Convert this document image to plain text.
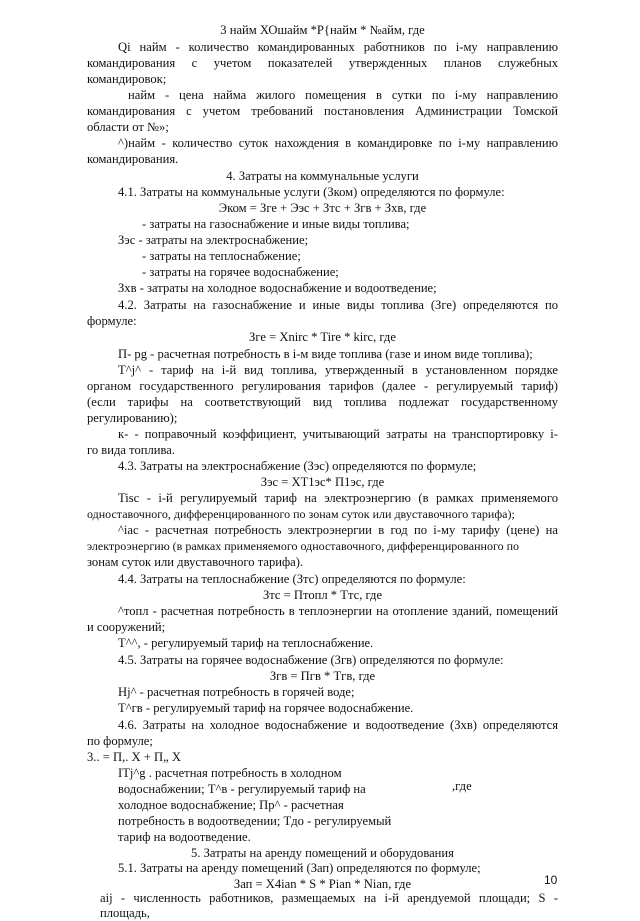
3 найм ХОшайм *Р{найм * №айм, где
Qi найм - количество командированных работников по i-му направлению
командирования с учетом показателей утвержденных планов служебных
командировок;
найм - цена найма жилого помещения в сутки по i-му направлению
командирования с учетом требований постановления Администрации Томской
области от №»;
^)найм - количество суток нахождения в командировке по i-му направлению
командирования.
4. Затраты на коммунальные услуги
4.1. Затраты на коммунальные услуги (Зком) определяются по формуле:
Эком = Зге + Ээс + Зтс + Згв + Зхв, где
- затраты на газоснабжение и иные виды топлива;
Зэс - затраты на электроснабжение;
- затраты на теплоснабжение;
- затраты на горячее водоснабжение;
Зхв - затраты на холодное водоснабжение и водоотведение;
4.2. Затраты на газоснабжение и иные виды топлива (Зге) определяются по
формуле:
Зге = Xnirc * Tire * kirc, где
П- pg - расчетная потребность в i-м виде топлива (газе и ином виде топлива);
Т^j^ - тариф на i-й вид топлива, утвержденный в установленном порядке
органом государственного регулирования тарифов (далее - регулируемый тариф)
(если тарифы на соответствующий вид топлива подлежат государственному
регулированию);
к- - поправочный коэффициент, учитывающий затраты на транспортировку i-
го вида топлива.
4.3. Затраты на электроснабжение (Зэс) определяются по формуле;
Зэс = ХТ1эс* П1эс, где
Tisc - i-й регулируемый тариф на электроэнергию (в рамках применяемого
одноставочного, дифференцированного по зонам суток или двуставочного тарифа);
^iac - расчетная потребность электроэнергии в год по i-му тарифу (цене) на
электроэнергию (в рамках применяемого одноставочного, дифференцированного по
зонам суток или двуставочного тарифа).
4.4. Затраты на теплоснабжение (Зтс) определяются по формуле:
Зтс = Птопл * Ттс, где
^топл - расчетная потребность в теплоэнергии на отопление зданий, помещений
и сооружений;
Т^^, - регулируемый тариф на теплоснабжение.
4.5. Затраты на горячее водоснабжение (Згв) определяются по формуле:
Згв = Пгв * Тгв, где
Hj^ - расчетная потребность в горячей воде;
Т^гв - регулируемый тариф на горячее водоснабжение.
4.6. Затраты на холодное водоснабжение и водоотведение (Зхв) определяются
по формуле;
3.. = П,. Х + П„ Х
ITj^g . расчетная потребность в холодном
водоснабжении; Т^в - регулируемый тариф на	,где
холодное водоснабжение; Пр^ - расчетная
потребность в водоотведении; Tдо - регулируемый
тариф на водоотведение.
5. Затраты на аренду помещений и оборудования
5.1. Затраты на аренду помещений (Зап) определяются по формуле;
Зап = X4ian * S * Pian * Nian, где
aij - численность работников, размещаемых на i-й арендуемой площади; S - площадь,
10
